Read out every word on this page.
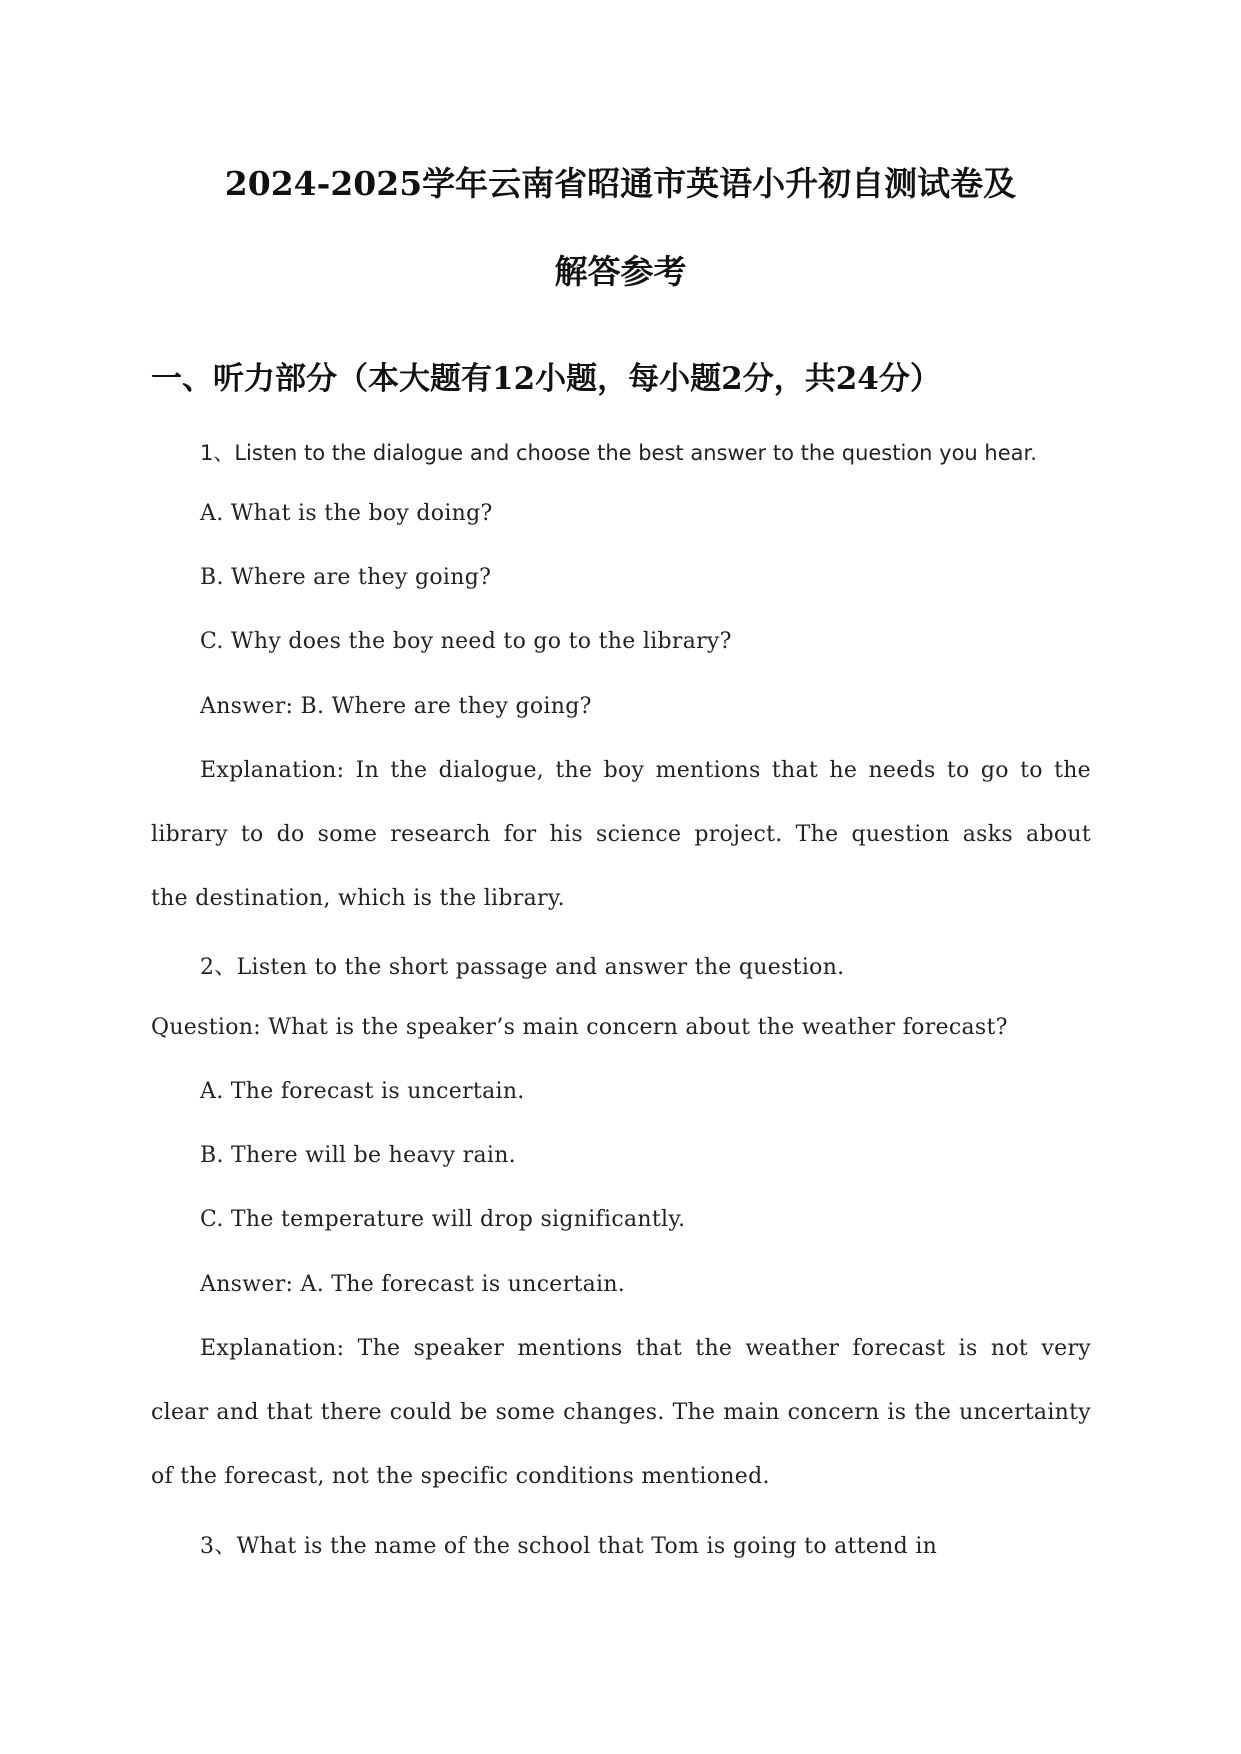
2024-2025学年云南省昭通市英语小升初自测试卷及
解答参考
一、听力部分（本大题有12小题，每小题2分，共24分）
1、Listen to the dialogue and choose the best answer to the question you hear.
A. What is the boy doing?
B. Where are they going?
C. Why does the boy need to go to the library?
Answer: B. Where are they going?
Explanation: In the dialogue, the boy mentions that he needs to go to the
library to do some research for his science project. The question asks about
the destination, which is the library.
2、Listen to the short passage and answer the question.
Question: What is the speaker’s main concern about the weather forecast?
A. The forecast is uncertain.
B. There will be heavy rain.
C. The temperature will drop significantly.
Answer: A. The forecast is uncertain.
Explanation: The speaker mentions that the weather forecast is not very
clear and that there could be some changes. The main concern is the uncertainty
of the forecast, not the specific conditions mentioned.
3、What is the name of the school that Tom is going to attend in
